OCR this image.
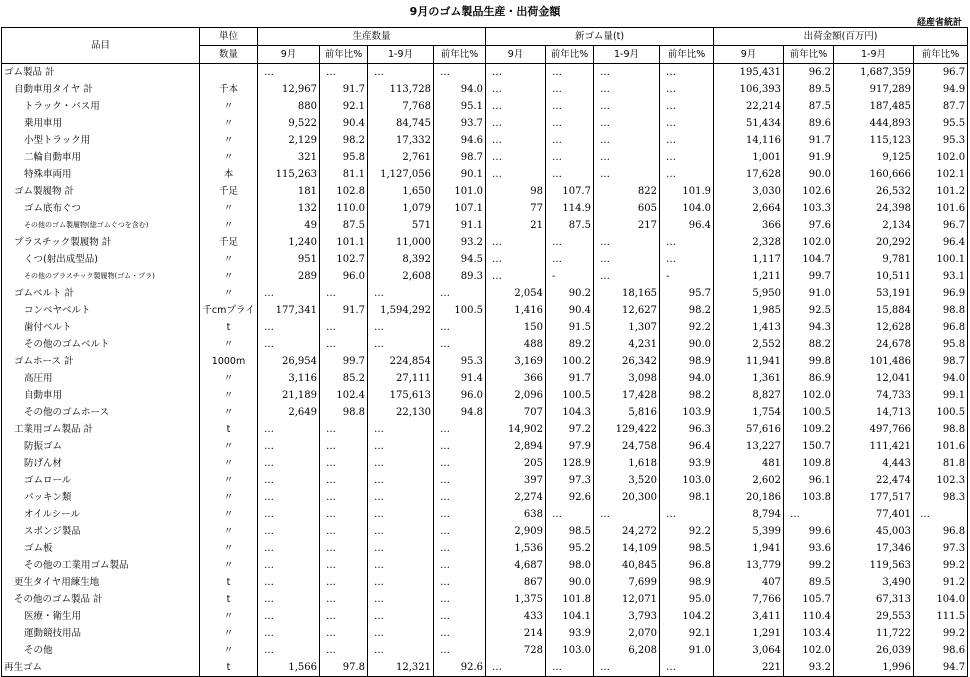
9月のゴム製品生産・出荷金額
経産省統計
品目	単位	生産数量				新ゴム量(t)				出荷金額(百万円)			
	数量	9月	前年比%	1-9月	前年比%	9月	前年比%	1-9月	前年比%	9月	前年比%	1-9月	前年比%
ゴム製品 計		…	…	…	…	…	…	…	…	195,431	96.2	1,687,359	96.7
自動車用タイヤ 計	千本	12,967	91.7	113,728	94.0	…	…	…	…	106,393	89.5	917,289	94.9
トラック・バス用	〃	880	92.1	7,768	95.1	…	…	…	…	22,214	87.5	187,485	87.7
乗用車用	〃	9,522	90.4	84,745	93.7	…	…	…	…	51,434	89.6	444,893	95.5
小型トラック用	〃	2,129	98.2	17,332	94.6	…	…	…	…	14,116	91.7	115,123	95.3
二輪自動車用	〃	321	95.8	2,761	98.7	…	…	…	…	1,001	91.9	9,125	102.0
特殊車両用	本	115,263	81.1	1,127,056	90.1	…	…	…	…	17,628	90.0	160,666	102.1
ゴム製履物 計	千足	181	102.8	1,650	101.0	98	107.7	822	101.9	3,030	102.6	26,532	101.2
ゴム底布ぐつ	〃	132	110.0	1,079	107.1	77	114.9	605	104.0	2,664	103.3	24,398	101.6
その他のゴム製履物(総ゴムぐつを含む)	〃	49	87.5	571	91.1	21	87.5	217	96.4	366	97.6	2,134	96.7
プラスチック製履物 計	千足	1,240	101.1	11,000	93.2	…	…	…	…	2,328	102.0	20,292	96.4
くつ(射出成型品)	〃	951	102.7	8,392	94.5	…	…	…	…	1,117	104.7	9,781	100.1
その他のプラスチック製履物(ゴム・プラ)	〃	289	96.0	2,608	89.3	…	-	…	-	1,211	99.7	10,511	93.1
ゴムベルト 計	〃	…	…	…	…	2,054	90.2	18,165	95.7	5,950	91.0	53,191	96.9
コンベヤベルト	千cmプライ	177,341	91.7	1,594,292	100.5	1,416	90.4	12,627	98.2	1,985	92.5	15,884	98.8
歯付ベルト	t	…	…	…	…	150	91.5	1,307	92.2	1,413	94.3	12,628	96.8
その他のゴムベルト	〃	…	…	…	…	488	89.2	4,231	90.0	2,552	88.2	24,678	95.8
ゴムホース 計	1000m	26,954	99.7	224,854	95.3	3,169	100.2	26,342	98.9	11,941	99.8	101,486	98.7
高圧用	〃	3,116	85.2	27,111	91.4	366	91.7	3,098	94.0	1,361	86.9	12,041	94.0
自動車用	〃	21,189	102.4	175,613	96.0	2,096	100.5	17,428	98.2	8,827	102.0	74,733	99.1
その他のゴムホース	〃	2,649	98.8	22,130	94.8	707	104.3	5,816	103.9	1,754	100.5	14,713	100.5
工業用ゴム製品 計	t	…	…	…	…	14,902	97.2	129,422	96.3	57,616	109.2	497,766	98.8
防振ゴム	〃	…	…	…	…	2,894	97.9	24,758	96.4	13,227	150.7	111,421	101.6
防げん材	〃	…	…	…	…	205	128.9	1,618	93.9	481	109.8	4,443	81.8
ゴムロール	〃	…	…	…	…	397	97.3	3,520	103.0	2,602	96.1	22,474	102.3
パッキン類	〃	…	…	…	…	2,274	92.6	20,300	98.1	20,186	103.8	177,517	98.3
オイルシール	〃	…	…	…	…	638	…	…	…	8,794	…	77,401	…
スポンジ製品	〃	…	…	…	…	2,909	98.5	24,272	92.2	5,399	99.6	45,003	96.8
ゴム板	〃	…	…	…	…	1,536	95.2	14,109	98.5	1,941	93.6	17,346	97.3
その他の工業用ゴム製品	〃	…	…	…	…	4,687	98.0	40,845	96.8	13,779	99.2	119,563	99.2
更生タイヤ用練生地	t	…	…	…	…	867	90.0	7,699	98.9	407	89.5	3,490	91.2
その他のゴム製品 計	t	…	…	…	…	1,375	101.8	12,071	95.0	7,766	105.7	67,313	104.0
医療・衛生用	〃	…	…	…	…	433	104.1	3,793	104.2	3,411	110.4	29,553	111.5
運動競技用品	〃	…	…	…	…	214	93.9	2,070	92.1	1,291	103.4	11,722	99.2
その他	〃	…	…	…	…	728	103.0	6,208	91.0	3,064	102.0	26,039	98.6
再生ゴム	t	1,566	97.8	12,321	92.6	…	…	…	…	221	93.2	1,996	94.7
